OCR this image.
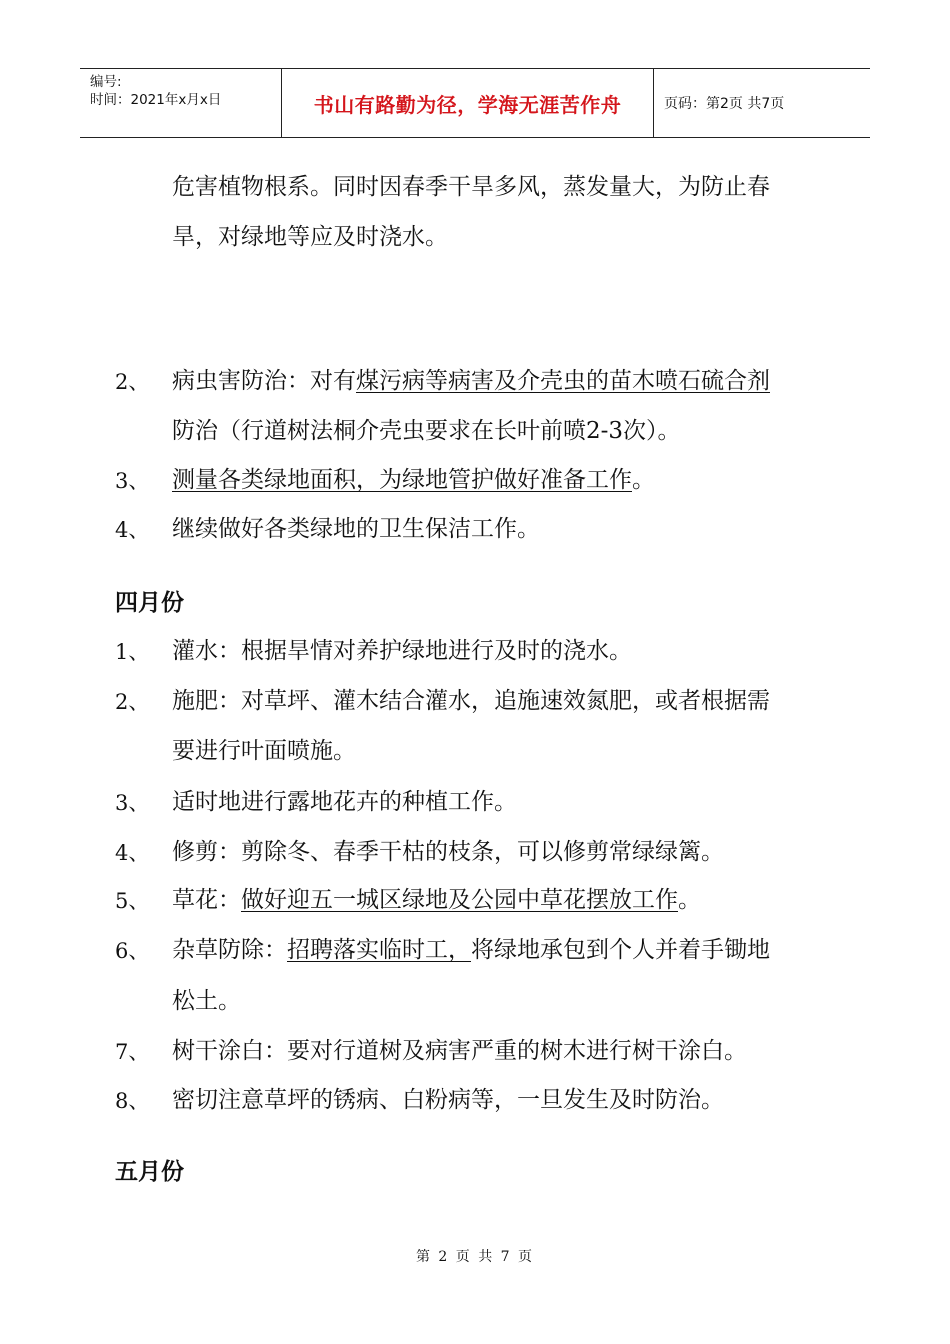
编号:
时间：2021年x月x日	书山有路勤为径，学海无涯苦作舟	页码：第2页 共7页
危害植物根系。同时因春季干旱多风，蒸发量大，为防止春
旱，对绿地等应及时浇水。
2、 病虫害防治：对有煤污病等病害及介壳虫的苗木喷石硫合剂
防治（行道树法桐介壳虫要求在长叶前喷2-3次）。
3、 测量各类绿地面积，为绿地管护做好准备工作。
4、 继续做好各类绿地的卫生保洁工作。
四月份
1、 灌水：根据旱情对养护绿地进行及时的浇水。
2、 施肥：对草坪、灌木结合灌水，追施速效氮肥，或者根据需
要进行叶面喷施。
3、 适时地进行露地花卉的种植工作。
4、 修剪：剪除冬、春季干枯的枝条，可以修剪常绿绿篱。
5、 草花：做好迎五一城区绿地及公园中草花摆放工作。
6、 杂草防除：招聘落实临时工，将绿地承包到个人并着手锄地
松土。
7、 树干涂白：要对行道树及病害严重的树木进行树干涂白。
8、 密切注意草坪的锈病、白粉病等，一旦发生及时防治。
五月份
第 2 页 共 7 页
